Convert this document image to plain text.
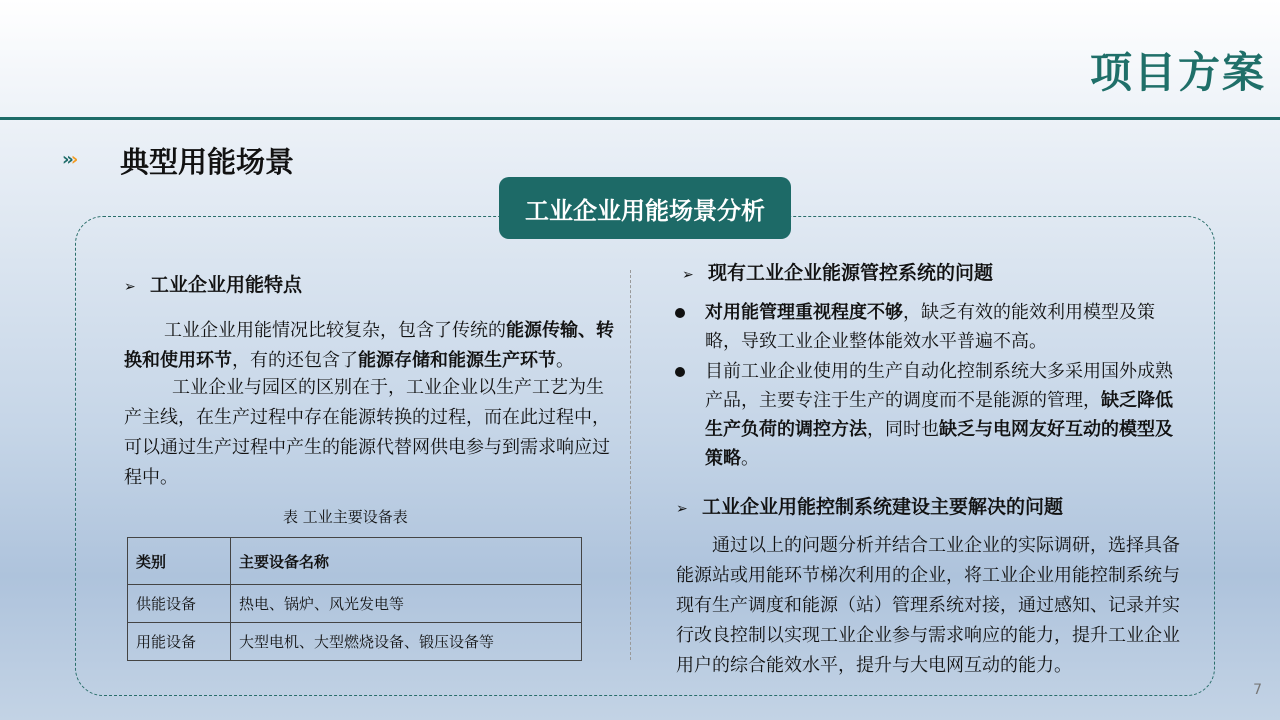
项目方案
››› 典型用能场景
工业企业用能场景分析
➢ 工业企业用能特点
工业企业用能情况比较复杂，包含了传统的能源传输、转换和使用环节，有的还包含了能源存储和能源生产环节。
工业企业与园区的区别在于，工业企业以生产工艺为生产主线，在生产过程中存在能源转换的过程，而在此过程中，可以通过生产过程中产生的能源代替网供电参与到需求响应过程中。
表 工业主要设备表
类别	主要设备名称
供能设备	热电、锅炉、风光发电等
用能设备	大型电机、大型燃烧设备、锻压设备等
➢ 现有工业企业能源管控系统的问题
对用能管理重视程度不够，缺乏有效的能效利用模型及策略，导致工业企业整体能效水平普遍不高。
目前工业企业使用的生产自动化控制系统大多采用国外成熟产品，主要专注于生产的调度而不是能源的管理，缺乏降低生产负荷的调控方法，同时也缺乏与电网友好互动的模型及策略。
➢ 工业企业用能控制系统建设主要解决的问题
通过以上的问题分析并结合工业企业的实际调研，选择具备能源站或用能环节梯次利用的企业，将工业企业用能控制系统与现有生产调度和能源（站）管理系统对接，通过感知、记录并实行改良控制以实现工业企业参与需求响应的能力，提升工业企业用户的综合能效水平，提升与大电网互动的能力。
7
